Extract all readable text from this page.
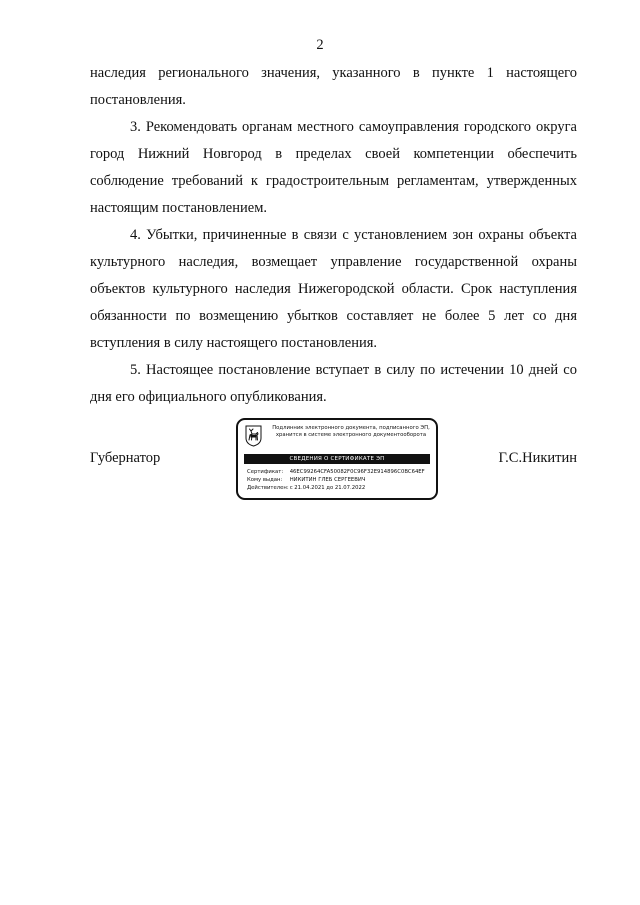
2

наследия регионального значения, указанного в пункте 1 настоящего постановления.

3. Рекомендовать органам местного самоуправления городского округа город Нижний Новгород в пределах своей компетенции обеспечить соблюдение требований к градостроительным регламентам, утвержденных настоящим постановлением.

4. Убытки, причиненные в связи с установлением зон охраны объекта культурного наследия, возмещает управление государственной охраны объектов культурного наследия Нижегородской области. Срок наступления обязанности по возмещению убытков составляет не более 5 лет со дня вступления в силу настоящего постановления.

5. Настоящее постановление вступает в силу по истечении 10 дней со дня его официального опубликования.

Губернатор	Г.С.Никитин
Подлинник электронного документа, подписанного ЭП,
хранится в системе электронного документооборота
СВЕДЕНИЯ О СЕРТИФИКАТЕ ЭП
Сертификат: 46EC99264CFA50082F0C96F32E914896C0BC64EF
Кому выдан: НИКИТИН ГЛЕБ СЕРГЕЕВИЧ
Действителен: с 21.04.2021 до 21.07.2022
